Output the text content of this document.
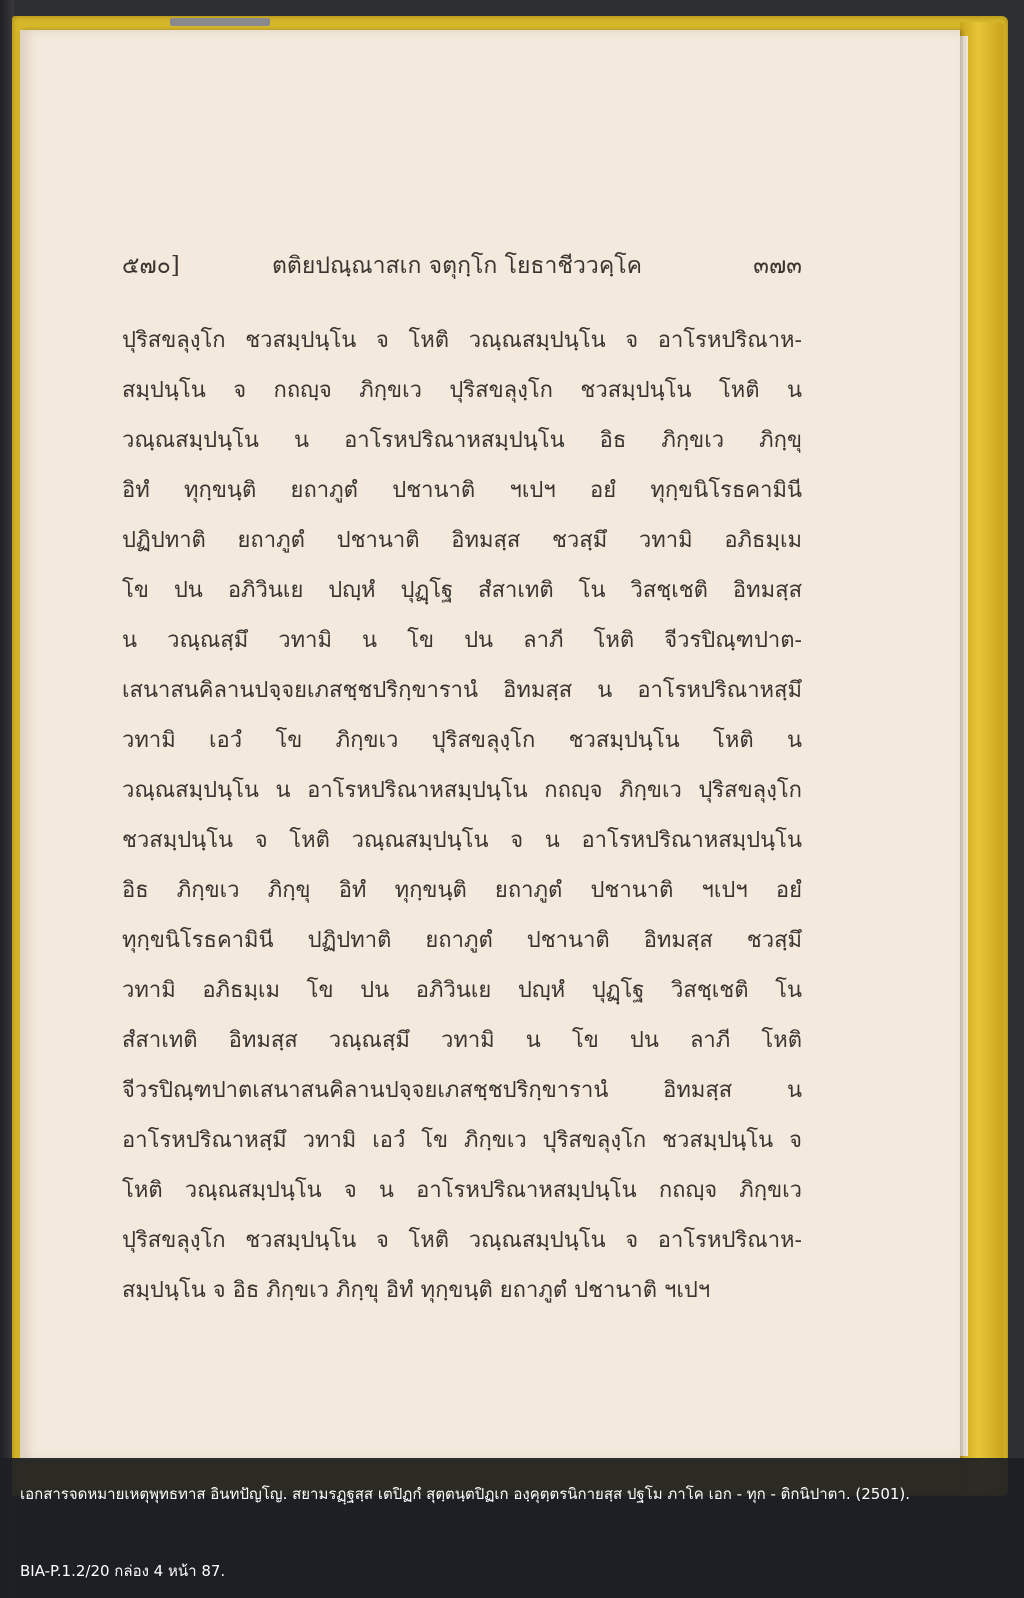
๕๗๐]	ตติยปณฺณาสเก จตุกฺโก โยธาชีววคฺโค	๓๗๓
ปุริสขลุงฺโก ชวสมฺปนฺโน จ โหติ วณฺณสมฺปนฺโน จ อาโรหปริณาห-
สมฺปนฺโน จ กถญฺจ ภิกฺขเว ปุริสขลุงฺโก ชวสมฺปนฺโน โหติ น
วณฺณสมฺปนฺโน น อาโรหปริณาหสมฺปนฺโน อิธ ภิกฺขเว ภิกฺขุ
อิทํ ทุกฺขนฺติ ยถาภูตํ ปชานาติ ฯเปฯ อยํ ทุกฺขนิโรธคามินี
ปฏิปทาติ ยถาภูตํ ปชานาติ อิทมสฺส ชวสฺมึ วทามิ อภิธมฺเม
โข ปน อภิวินเย ปญฺหํ ปุฏฺโฐ สํสาเทติ โน วิสชฺเชติ อิทมสฺส
น วณฺณสฺมึ วทามิ น โข ปน ลาภี โหติ จีวรปิณฺฑปาต-
เสนาสนคิลานปจฺจยเภสชฺชปริกฺขารานํ อิทมสฺส น อาโรหปริณาหสฺมึ
วทามิ เอวํ โข ภิกฺขเว ปุริสขลุงฺโก ชวสมฺปนฺโน โหติ น
วณฺณสมฺปนฺโน น อาโรหปริณาหสมฺปนฺโน กถญฺจ ภิกฺขเว ปุริสขลุงฺโก
ชวสมฺปนฺโน จ โหติ วณฺณสมฺปนฺโน จ น อาโรหปริณาหสมฺปนฺโน
อิธ ภิกฺขเว ภิกฺขุ อิทํ ทุกฺขนฺติ ยถาภูตํ ปชานาติ ฯเปฯ อยํ
ทุกฺขนิโรธคามินี ปฏิปทาติ ยถาภูตํ ปชานาติ อิทมสฺส ชวสฺมึ
วทามิ อภิธมฺเม โข ปน อภิวินเย ปญฺหํ ปุฏฺโฐ วิสชฺเชติ โน
สํสาเทติ อิทมสฺส วณฺณสฺมึ วทามิ น โข ปน ลาภี โหติ
จีวรปิณฺฑปาตเสนาสนคิลานปจฺจยเภสชฺชปริกฺขารานํ อิทมสฺส น
อาโรหปริณาหสฺมึ วทามิ เอวํ โข ภิกฺขเว ปุริสขลุงฺโก ชวสมฺปนฺโน จ
โหติ วณฺณสมฺปนฺโน จ น อาโรหปริณาหสมฺปนฺโน กถญฺจ ภิกฺขเว
ปุริสขลุงฺโก ชวสมฺปนฺโน จ โหติ วณฺณสมฺปนฺโน จ อาโรหปริณาห-
สมฺปนฺโน จ อิธ ภิกฺขเว ภิกฺขุ อิทํ ทุกฺขนฺติ ยถาภูตํ ปชานาติ ฯเปฯ
เอกสารจดหมายเหตุพุทธทาส อินทปัญโญ. สยามรฏฺฐสฺส เตปิฏกํ สุตฺตนฺตปิฏเก องฺคุตฺตรนิกายสฺส ปฐโม ภาโค เอก - ทุก - ติกนิปาตา. (2501).
BIA-P.1.2/20 กล่อง 4 หน้า 87.
